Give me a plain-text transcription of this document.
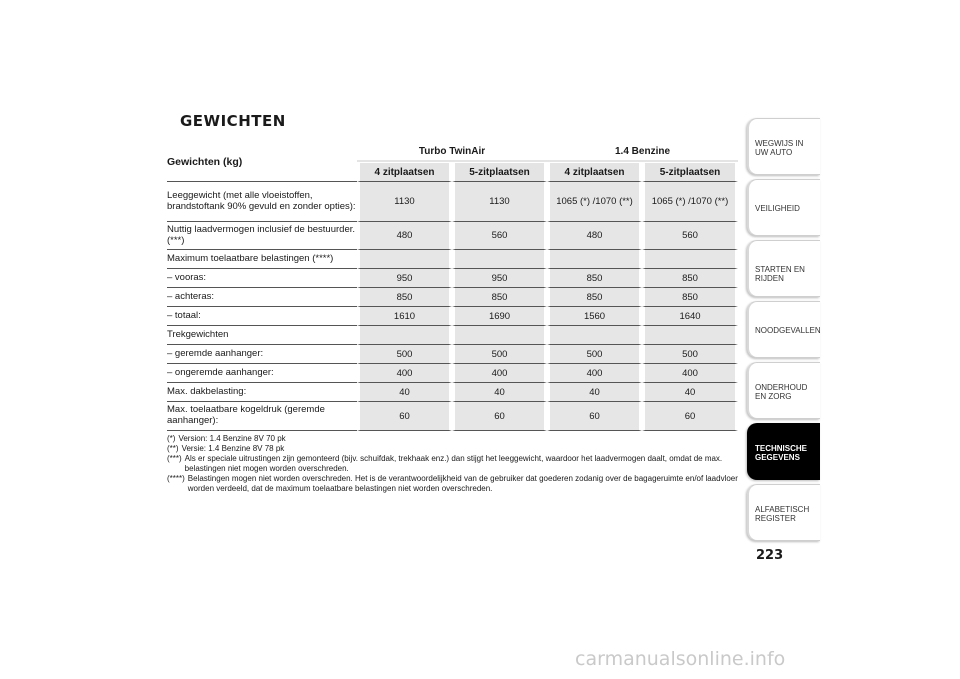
GEWICHTEN
Gewichten (kg)	Turbo TwinAir		1.4 Benzine	
	4 zitplaatsen	5-zitplaatsen	4 zitplaatsen	5-zitplaatsen
Leeggewicht (met alle vloeistoffen, brandstoftank 90% gevuld en zonder opties):	1130	1130	1065 (*) /1070 (**)	1065 (*) /1070 (**)
Nuttig laadvermogen inclusief de bestuurder.(***)	480	560	480	560
Maximum toelaatbare belastingen (****)				
– vooras:	950	950	850	850
– achteras:	850	850	850	850
– totaal:	1610	1690	1560	1640
Trekgewichten				
– geremde aanhanger:	500	500	500	500
– ongeremde aanhanger:	400	400	400	400
Max. dakbelasting:	40	40	40	40
Max. toelaatbare kogeldruk (geremde aanhanger):	60	60	60	60
(*) Version: 1.4 Benzine 8V 70 pk
(**) Versie: 1.4 Benzine 8V 78 pk
(***) Als er speciale uitrustingen zijn gemonteerd (bijv. schuifdak, trekhaak enz.) dan stijgt het leeggewicht, waardoor het laadvermogen daalt, omdat de max. belastingen niet mogen worden overschreden.
(****) Belastingen mogen niet worden overschreden. Het is de verantwoordelijkheid van de gebruiker dat goederen zodanig over de bagageruimte en/of laadvloer worden verdeeld, dat de maximum toelaatbare belastingen niet worden overschreden.
WEGWIJS IN UW AUTO
VEILIGHEID
STARTEN EN RIJDEN
NOODGEVALLEN
ONDERHOUD EN ZORG
TECHNISCHE GEGEVENS
ALFABETISCH REGISTER
223
carmanualsonline.info
